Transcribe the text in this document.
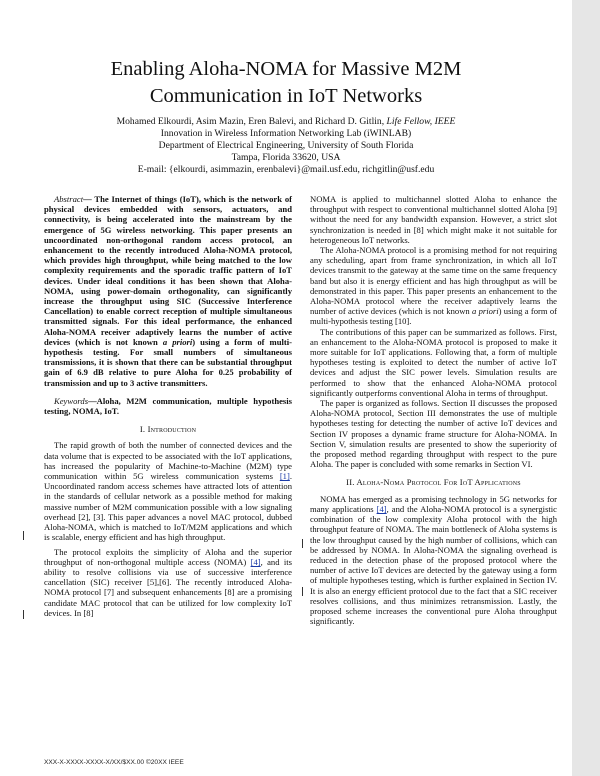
Enabling Aloha-NOMA for Massive M2M
Communication in IoT Networks
Mohamed Elkourdi, Asim Mazin, Eren Balevi, and Richard D. Gitlin, Life Fellow, IEEE
Innovation in Wireless Information Networking Lab (iWINLAB)
Department of Electrical Engineering, University of South Florida
Tampa, Florida 33620, USA
E-mail: {elkourdi, asimmazin, erenbalevi}@mail.usf.edu, richgitlin@usf.edu

Abstract— The Internet of things (IoT), which is the network of physical devices embedded with sensors, actuators, and connectivity, is being accelerated into the mainstream by the emergence of 5G wireless networking. This paper presents an uncoordinated non-orthogonal random access protocol, an enhancement to the recently introduced Aloha-NOMA protocol, which provides high throughput, while being matched to the low complexity requirements and the sporadic traffic pattern of IoT devices. Under ideal conditions it has been shown that Aloha-NOMA, using power-domain orthogonality, can significantly increase the throughput using SIC (Successive Interference Cancellation) to enable correct reception of multiple simultaneous transmitted signals. For this ideal performance, the enhanced Aloha-NOMA receiver adaptively learns the number of active devices (which is not known a priori) using a form of multi-hypothesis testing. For small numbers of simultaneous transmissions, it is shown that there can be substantial throughput gain of 6.9 dB relative to pure Aloha for 0.25 probability of transmission and up to 3 active transmitters.

Keywords—Aloha, M2M communication, multiple hypothesis testing, NOMA, IoT.

I. Introduction

The rapid growth of both the number of connected devices and the data volume that is expected to be associated with the IoT applications, has increased the popularity of Machine-to-Machine (M2M) type communication within 5G wireless communication systems [1]. Uncoordinated random access schemes have attracted lots of attention in the standards of cellular network as a possible method for making massive number of M2M communication possible with a low signaling overhead [2], [3]. This paper advances a novel MAC protocol, dubbed Aloha-NOMA, which is matched to IoT/M2M applications and which is scalable, energy efficient and has high throughput.

The protocol exploits the simplicity of Aloha and the superior throughput of non-orthogonal multiple access (NOMA) [4], and its ability to resolve collisions via use of successive interference cancellation (SIC) receiver [5],[6]. The recently introduced Aloha-NOMA protocol [7] and subsequent enhancements [8] are a promising candidate MAC protocol that can be utilized for low complexity IoT devices. In [8]

NOMA is applied to multichannel slotted Aloha to enhance the throughput with respect to conventional multichannel slotted Aloha [9] without the need for any bandwidth expansion. However, a strict slot synchronization is needed in [8] which might make it not suitable for heterogeneous IoT networks.

The Aloha-NOMA protocol is a promising method for not requiring any scheduling, apart from frame synchronization, in which all IoT devices transmit to the gateway at the same time on the same frequency band but also it is energy efficient and has high throughput as will be demonstrated in this paper. This paper presents an enhancement to the Aloha-NOMA protocol where the receiver adaptively learns the number of active devices (which is not known a priori) using a form of multi-hypothesis testing [10].

The contributions of this paper can be summarized as follows. First, an enhancement to the Aloha-NOMA protocol is proposed to make it more suitable for IoT applications. Following that, a form of multiple hypotheses testing is exploited to detect the number of active IoT devices and adjust the SIC power levels. Simulation results are performed to show that the enhanced Aloha-NOMA protocol significantly outperforms conventional Aloha in terms of throughput.

The paper is organized as follows. Section II discusses the proposed Aloha-NOMA protocol, Section III demonstrates the use of multiple hypotheses testing for detecting the number of active IoT devices and Section IV proposes a dynamic frame structure for Aloha-NOMA. In Section V, simulation results are presented to show the superiority of the proposed method regarding throughput with respect to the pure Aloha. The paper is concluded with some remarks in Section VI.

II. Aloha-Noma Protocol For IoT Applications

NOMA has emerged as a promising technology in 5G networks for many applications [4], and the Aloha-NOMA protocol is a synergistic combination of the low complexity Aloha protocol with the high throughput feature of NOMA. The main bottleneck of Aloha systems is the low throughput caused by the high number of collisions, which can be addressed by NOMA. In Aloha-NOMA the signaling overhead is reduced in the detection phase of the proposed protocol where the number of active IoT devices are detected by the gateway using a form of multiple hypotheses testing, which is further explained in Section IV. It is also an energy efficient protocol due to the fact that a SIC receiver resolves collisions, and thus minimizes retransmission. Lastly, the proposed scheme increases the conventional pure Aloha throughput significantly.

XXX-X-XXXX-XXXX-X/XX/$XX.00 ©20XX IEEE
